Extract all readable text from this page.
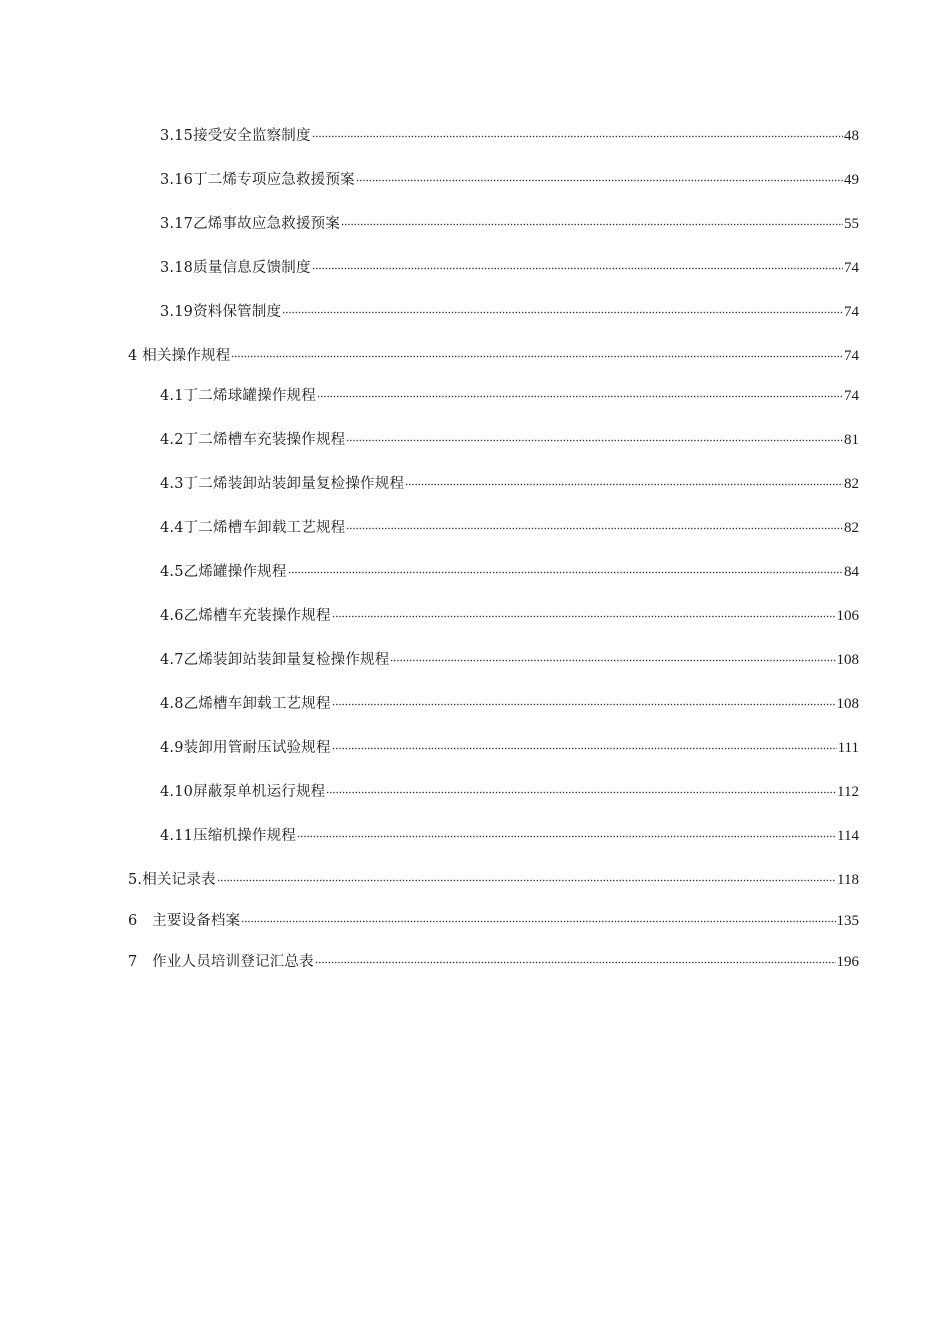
3.15接受安全监察制度	48
3.16丁二烯专项应急救援预案	49
3.17乙烯事故应急救援预案	55
3.18质量信息反馈制度	74
3.19资料保管制度	74
4 相关操作规程	74
4.1丁二烯球罐操作规程	74
4.2丁二烯槽车充装操作规程	81
4.3丁二烯装卸站装卸量复检操作规程	82
4.4丁二烯槽车卸载工艺规程	82
4.5乙烯罐操作规程	84
4.6乙烯槽车充装操作规程	106
4.7乙烯装卸站装卸量复检操作规程	108
4.8乙烯槽车卸载工艺规程	108
4.9装卸用管耐压试验规程	111
4.10屏蔽泵单机运行规程	112
4.11压缩机操作规程	114
5.相关记录表	118
6　主要设备档案	135
7　作业人员培训登记汇总表	196
